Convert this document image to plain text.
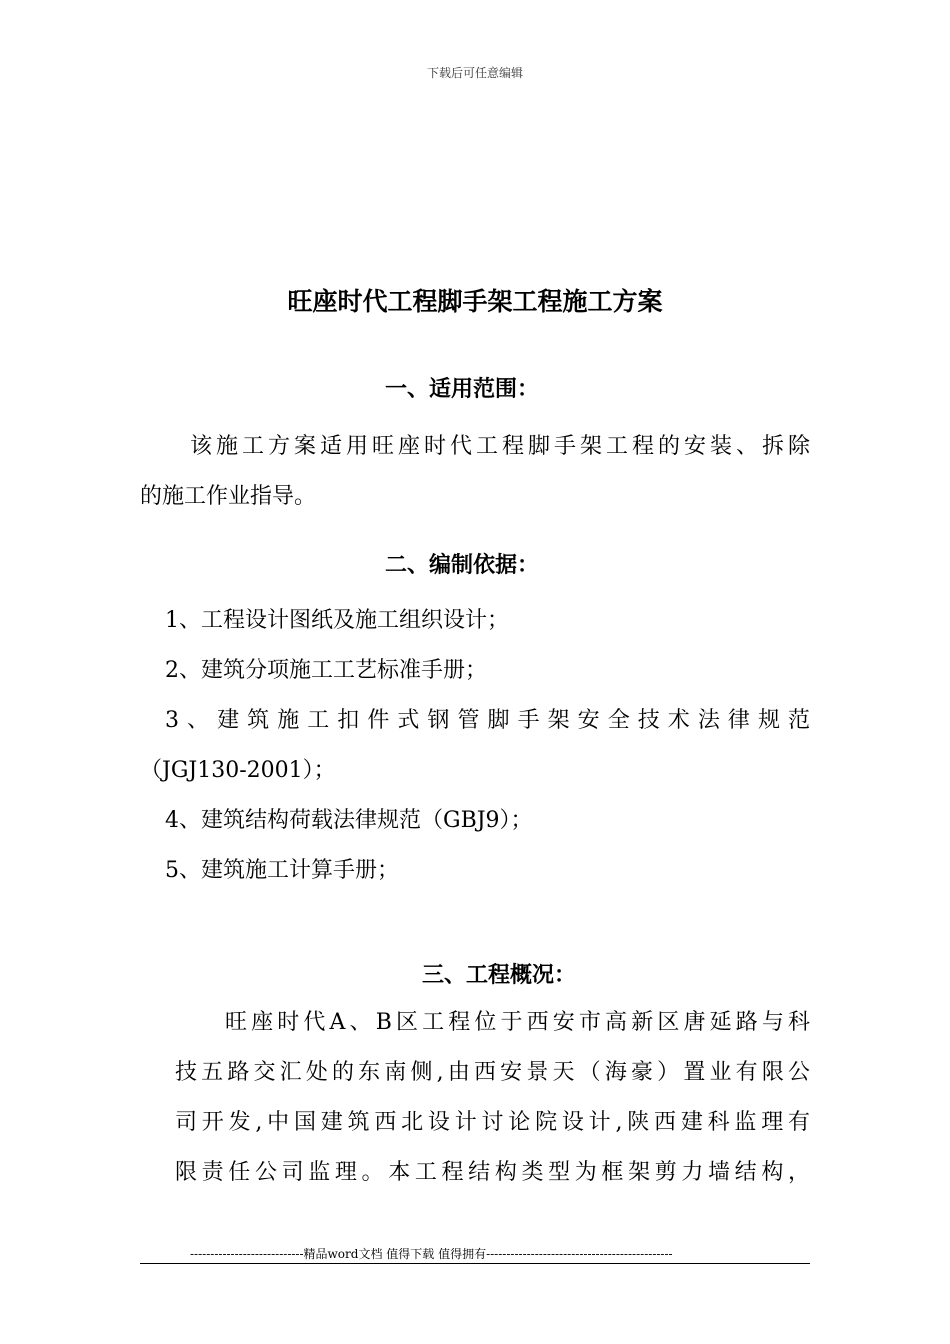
下载后可任意编辑
旺座时代工程脚手架工程施工方案
一、适用范围：
该施工方案适用旺座时代工程脚手架工程的安装、拆除
的施工作业指导。
二、编制依据：
1、工程设计图纸及施工组织设计；
2、建筑分项施工工艺标准手册；
3、建筑施工扣件式钢管脚手架安全技术法律规范
（JGJ130-2001）；
4、建筑结构荷载法律规范（GBJ9）；
5、建筑施工计算手册；
三、工程概况：
旺座时代A、B区工程位于西安市高新区唐延路与科
技五路交汇处的东南侧,由西安景天（海豪）置业有限公
司开发,中国建筑西北设计讨论院设计,陕西建科监理有
限责任公司监理。本工程结构类型为框架剪力墙结构，
----------------------------精品word文档 值得下载 值得拥有----------------------------------------------
